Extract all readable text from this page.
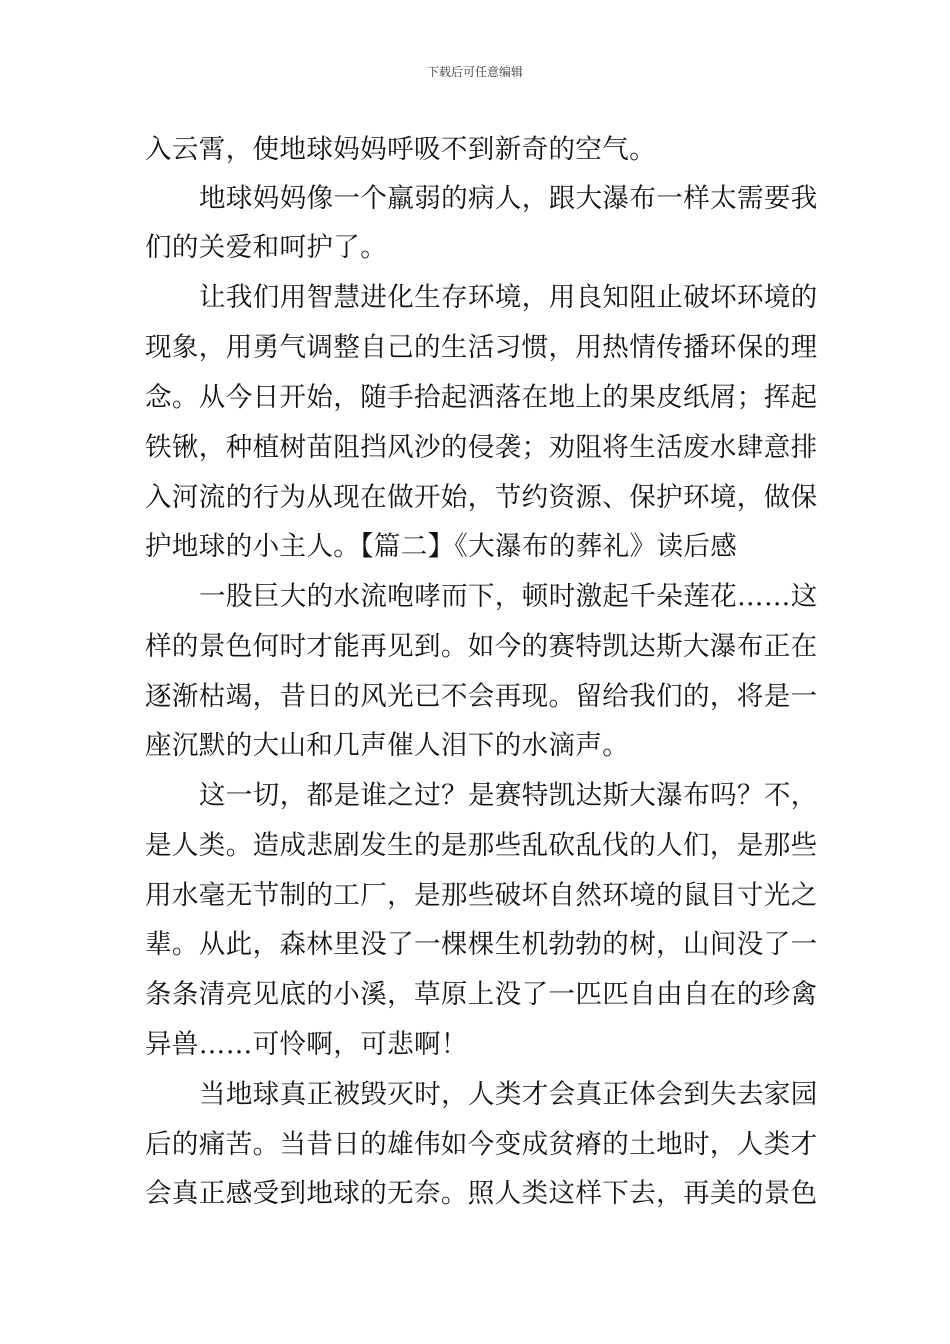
下载后可任意编辑
入云霄，使地球妈妈呼吸不到新奇的空气。
地球妈妈像一个羸弱的病人，跟大瀑布一样太需要我
们的关爱和呵护了。
让我们用智慧进化生存环境，用良知阻止破坏环境的
现象，用勇气调整自己的生活习惯，用热情传播环保的理
念。从今日开始，随手拾起洒落在地上的果皮纸屑；挥起
铁锹，种植树苗阻挡风沙的侵袭；劝阻将生活废水肆意排
入河流的行为从现在做开始，节约资源、保护环境，做保
护地球的小主人。【篇二】《大瀑布的葬礼》读后感
一股巨大的水流咆哮而下，顿时激起千朵莲花……这
样的景色何时才能再见到。如今的赛特凯达斯大瀑布正在
逐渐枯竭，昔日的风光已不会再现。留给我们的，将是一
座沉默的大山和几声催人泪下的水滴声。
这一切，都是谁之过？是赛特凯达斯大瀑布吗？不，
是人类。造成悲剧发生的是那些乱砍乱伐的人们，是那些
用水毫无节制的工厂，是那些破坏自然环境的鼠目寸光之
辈。从此，森林里没了一棵棵生机勃勃的树，山间没了一
条条清亮见底的小溪，草原上没了一匹匹自由自在的珍禽
异兽……可怜啊，可悲啊！
当地球真正被毁灭时，人类才会真正体会到失去家园
后的痛苦。当昔日的雄伟如今变成贫瘠的土地时，人类才
会真正感受到地球的无奈。照人类这样下去，再美的景色
